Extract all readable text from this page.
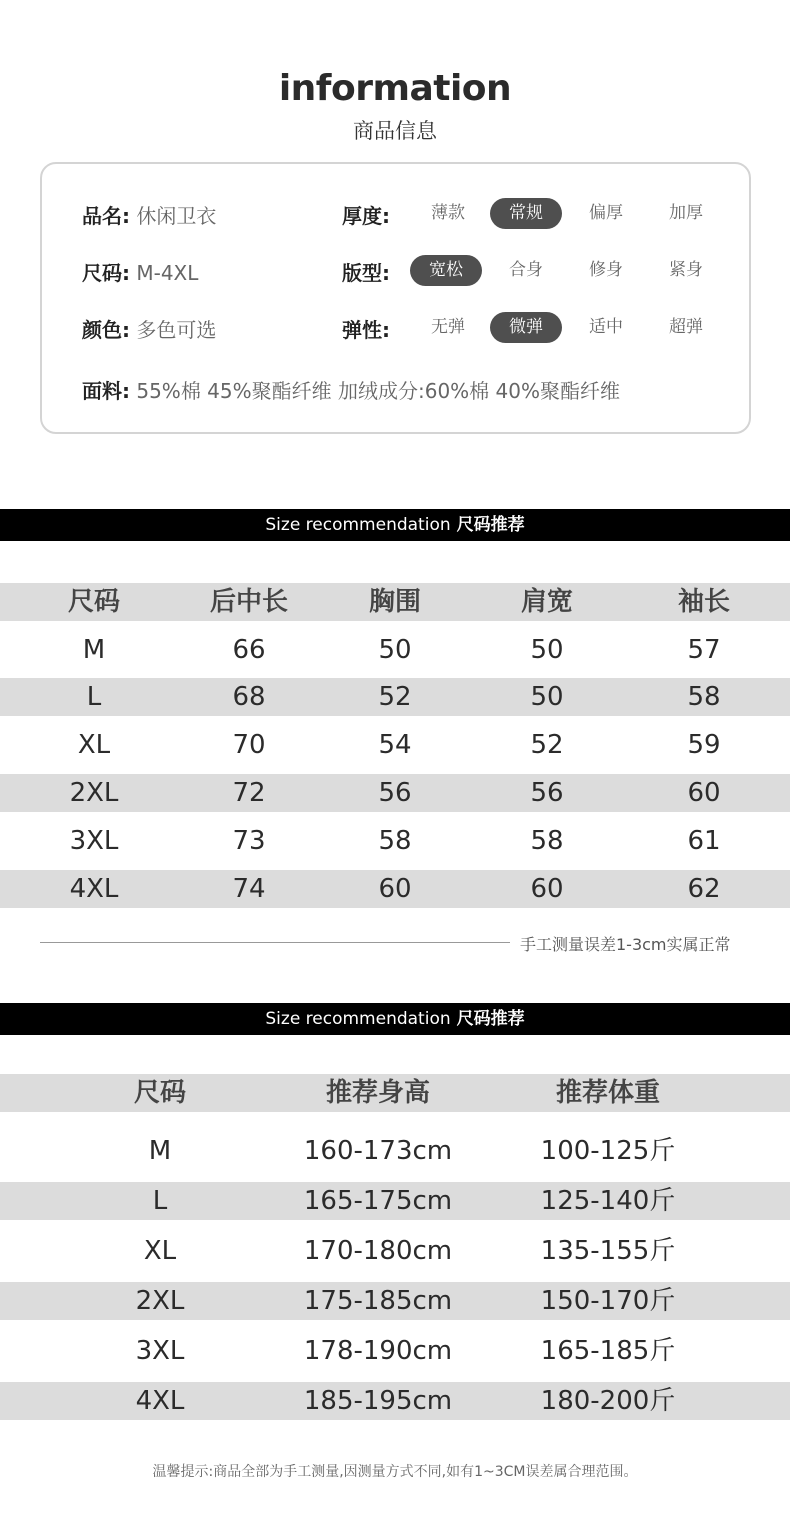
information
商品信息
品名: 休闲卫衣
尺码: M-4XL
颜色: 多色可选
面料: 55%棉 45%聚酯纤维 加绒成分:60%棉 40%聚酯纤维
厚度:
版型:
弹性:
薄款	常规	偏厚	加厚
宽松	合身	修身	紧身
无弹	微弹	适中	超弹
Size recommendation 尺码推荐
尺码	后中长	胸围	肩宽	袖长
M	66	50	50	57
L	68	52	50	58
XL	70	54	52	59
2XL	72	56	56	60
3XL	73	58	58	61
4XL	74	60	60	62
手工测量误差1-3cm实属正常
Size recommendation 尺码推荐
尺码	推荐身高	推荐体重
M	160-173cm	100-125斤
L	165-175cm	125-140斤
XL	170-180cm	135-155斤
2XL	175-185cm	150-170斤
3XL	178-190cm	165-185斤
4XL	185-195cm	180-200斤
温馨提示:商品全部为手工测量,因测量方式不同,如有1~3CM误差属合理范围。
